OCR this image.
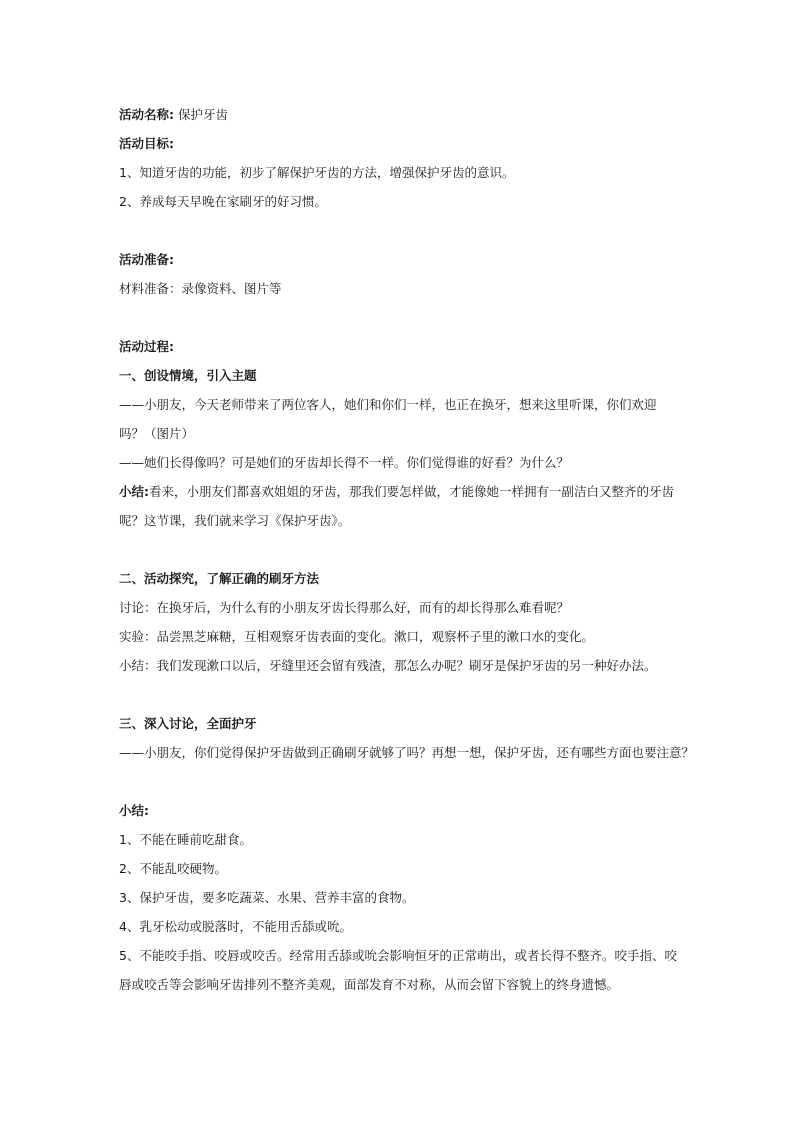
活动名称: 保护牙齿

活动目标:

1、知道牙齿的功能，初步了解保护牙齿的方法，增强保护牙齿的意识。

2、养成每天早晚在家刷牙的好习惯。

活动准备:

材料准备：录像资料、图片等

活动过程:

一、创设情境，引入主题

——小朋友，今天老师带来了两位客人，她们和你们一样，也正在换牙，想来这里听课，你们欢迎吗？（图片）

——她们长得像吗？可是她们的牙齿却长得不一样。你们觉得谁的好看？为什么？

小结:看来，小朋友们都喜欢姐姐的牙齿，那我们要怎样做，才能像她一样拥有一副洁白又整齐的牙齿呢？这节课，我们就来学习《保护牙齿》。

二、活动探究，了解正确的刷牙方法

讨论：在换牙后，为什么有的小朋友牙齿长得那么好，而有的却长得那么难看呢？

实验：品尝黑芝麻糖，互相观察牙齿表面的变化。漱口，观察杯子里的漱口水的变化。

小结：我们发现漱口以后，牙缝里还会留有残渣，那怎么办呢？刷牙是保护牙齿的另一种好办法。

三、深入讨论，全面护牙

——小朋友，你们觉得保护牙齿做到正确刷牙就够了吗？再想一想，保护牙齿，还有哪些方面也要注意？

小结:

1、不能在睡前吃甜食。

2、不能乱咬硬物。

3、保护牙齿，要多吃蔬菜、水果、营养丰富的食物。

4、乳牙松动或脱落时，不能用舌舔或吮。

5、不能咬手指、咬唇或咬舌。经常用舌舔或吮会影响恒牙的正常萌出，或者长得不整齐。咬手指、咬唇或咬舌等会影响牙齿排列不整齐美观，面部发育不对称，从而会留下容貌上的终身遗憾。
